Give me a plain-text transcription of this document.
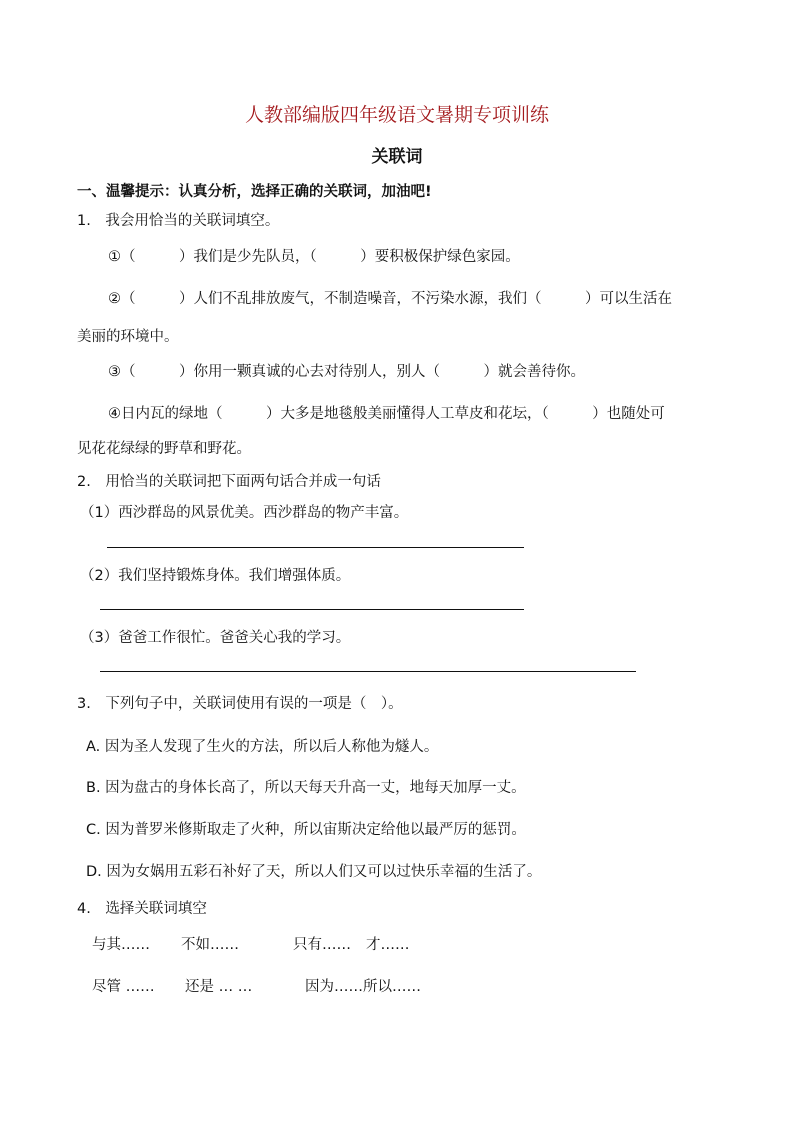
人教部编版四年级语文暑期专项训练
关联词
一、温馨提示：认真分析，选择正确的关联词，加油吧!
1.　我会用恰当的关联词填空。
①（　　　）我们是少先队员，（　　　）要积极保护绿色家园。
②（　　　）人们不乱排放废气，不制造噪音，不污染水源，我们（　　　）可以生活在
美丽的环境中。
③（　　　）你用一颗真诚的心去对待别人，别人（　　　）就会善待你。
④日内瓦的绿地（　　　）大多是地毯般美丽懂得人工草皮和花坛，（　　　）也随处可
见花花绿绿的野草和野花。
2.　用恰当的关联词把下面两句话合并成一句话
（1）西沙群岛的风景优美。西沙群岛的物产丰富。
（2）我们坚持锻炼身体。我们增强体质。
（3）爸爸工作很忙。爸爸关心我的学习。
3.　下列句子中，关联词使用有误的一项是（　）。
A. 因为圣人发现了生火的方法，所以后人称他为燧人。
B. 因为盘古的身体长高了，所以天每天升高一丈，地每天加厚一丈。
C. 因为普罗米修斯取走了火种，所以宙斯决定给他以最严厉的惩罚。
D. 因为女娲用五彩石补好了天，所以人们又可以过快乐幸福的生活了。
4.　选择关联词填空
与其…… 不如……	只有…… 才……
尽管 …… 还是 … …	因为……所以……
